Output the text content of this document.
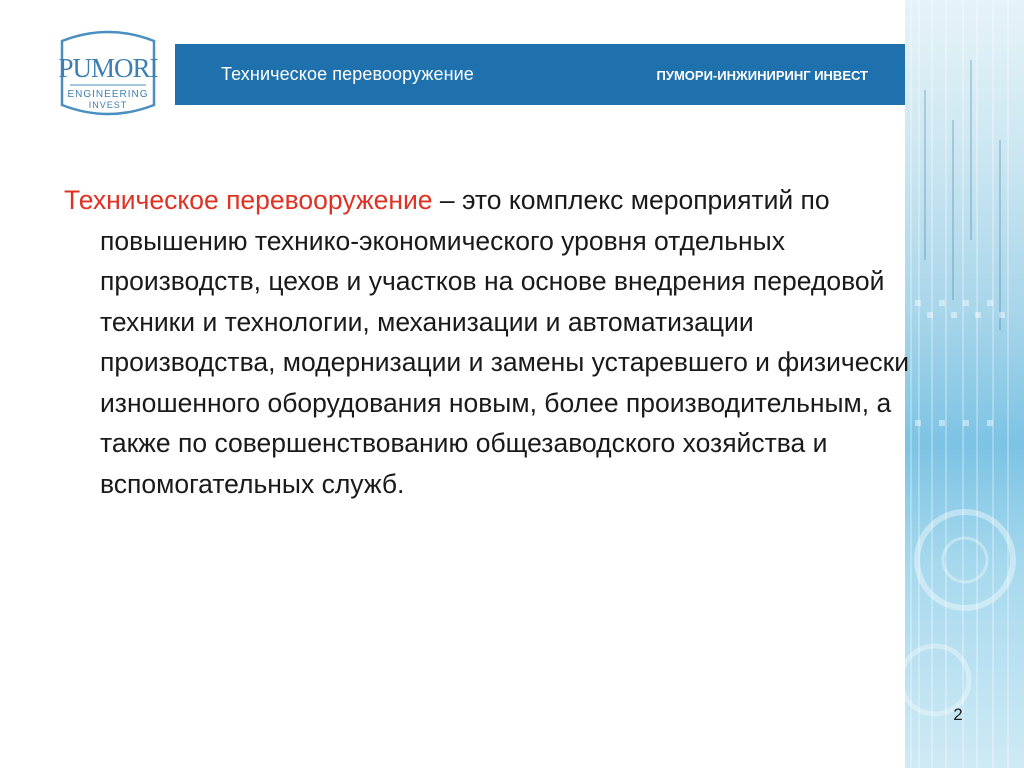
PUMORI
ENGINEERING
INVEST
Техническое перевооружение	ПУМОРИ-ИНЖИНИРИНГ ИНВЕСТ

Техническое перевооружение – это комплекс мероприятий по повышению технико-экономического уровня отдельных производств, цехов и участков на основе внедрения передовой техники и технологии, механизации и автоматизации производства, модернизации и замены устаревшего и физически изношенного оборудования новым, более производительным, а также по совершенствованию общезаводского хозяйства и вспомогательных служб.

2
